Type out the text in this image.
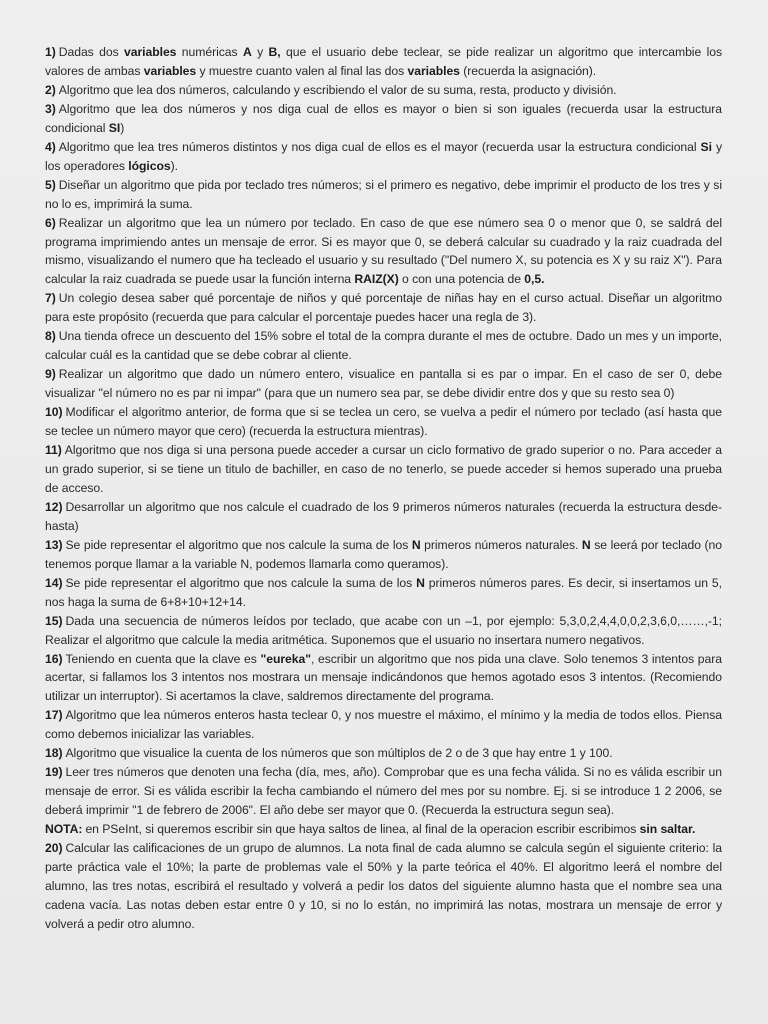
1) Dadas dos variables numéricas A y B, que el usuario debe teclear, se pide realizar un algoritmo que intercambie los valores de ambas variables y muestre cuanto valen al final las dos variables (recuerda la asignación).

2) Algoritmo que lea dos números, calculando y escribiendo el valor de su suma, resta, producto y división.

3) Algoritmo que lea dos números y nos diga cual de ellos es mayor o bien si son iguales (recuerda usar la estructura condicional SI)

4) Algoritmo que lea tres números distintos y nos diga cual de ellos es el mayor (recuerda usar la estructura condicional Si y los operadores lógicos).

5) Diseñar un algoritmo que pida por teclado tres números; si el primero es negativo, debe imprimir el producto de los tres y si no lo es, imprimirá la suma.

6) Realizar un algoritmo que lea un número por teclado. En caso de que ese número sea 0 o menor que 0, se saldrá del programa imprimiendo antes un mensaje de error. Si es mayor que 0, se deberá calcular su cuadrado y la raiz cuadrada del mismo, visualizando el numero que ha tecleado el usuario y su resultado ("Del numero X, su potencia es X y su raiz X"). Para calcular la raiz cuadrada se puede usar la función interna RAIZ(X) o con una potencia de 0,5.

7) Un colegio desea saber qué porcentaje de niños y qué porcentaje de niñas hay en el curso actual. Diseñar un algoritmo para este propósito (recuerda que para calcular el porcentaje puedes hacer una regla de 3).

8) Una tienda ofrece un descuento del 15% sobre el total de la compra durante el mes de octubre. Dado un mes y un importe, calcular cuál es la cantidad que se debe cobrar al cliente.

9) Realizar un algoritmo que dado un número entero, visualice en pantalla si es par o impar. En el caso de ser 0, debe visualizar "el número no es par ni impar" (para que un numero sea par, se debe dividir entre dos y que su resto sea 0)

10) Modificar el algoritmo anterior, de forma que si se teclea un cero, se vuelva a pedir el número por teclado (así hasta que se teclee un número mayor que cero) (recuerda la estructura mientras).

11) Algoritmo que nos diga si una persona puede acceder a cursar un ciclo formativo de grado superior o no. Para acceder a un grado superior, si se tiene un titulo de bachiller, en caso de no tenerlo, se puede acceder si hemos superado una prueba de acceso.

12) Desarrollar un algoritmo que nos calcule el cuadrado de los 9 primeros números naturales (recuerda la estructura desde-hasta)

13) Se pide representar el algoritmo que nos calcule la suma de los N primeros números naturales. N se leerá por teclado (no tenemos porque llamar a la variable N, podemos llamarla como queramos).

14) Se pide representar el algoritmo que nos calcule la suma de los N primeros números pares. Es decir, si insertamos un 5, nos haga la suma de 6+8+10+12+14.

15) Dada una secuencia de números leídos por teclado, que acabe con un –1, por ejemplo: 5,3,0,2,4,4,0,0,2,3,6,0,……,-1; Realizar el algoritmo que calcule la media aritmética. Suponemos que el usuario no insertara numero negativos.

16) Teniendo en cuenta que la clave es "eureka", escribir un algoritmo que nos pida una clave. Solo tenemos 3 intentos para acertar, si fallamos los 3 intentos nos mostrara un mensaje indicándonos que hemos agotado esos 3 intentos. (Recomiendo utilizar un interruptor). Si acertamos la clave, saldremos directamente del programa.

17) Algoritmo que lea números enteros hasta teclear 0, y nos muestre el máximo, el mínimo y la media de todos ellos. Piensa como debemos inicializar las variables.

18) Algoritmo que visualice la cuenta de los números que son múltiplos de 2 o de 3 que hay entre 1 y 100.

19) Leer tres números que denoten una fecha (día, mes, año). Comprobar que es una fecha válida. Si no es válida escribir un mensaje de error. Si es válida escribir la fecha cambiando el número del mes por su nombre. Ej. si se introduce 1 2 2006, se deberá imprimir "1 de febrero de 2006". El año debe ser mayor que 0. (Recuerda la estructura segun sea).

NOTA: en PSeInt, si queremos escribir sin que haya saltos de linea, al final de la operacion escribir escribimos sin saltar.

20) Calcular las calificaciones de un grupo de alumnos. La nota final de cada alumno se calcula según el siguiente criterio: la parte práctica vale el 10%; la parte de problemas vale el 50% y la parte teórica el 40%. El algoritmo leerá el nombre del alumno, las tres notas, escribirá el resultado y volverá a pedir los datos del siguiente alumno hasta que el nombre sea una cadena vacía. Las notas deben estar entre 0 y 10, si no lo están, no imprimirá las notas, mostrara un mensaje de error y volverá a pedir otro alumno.
